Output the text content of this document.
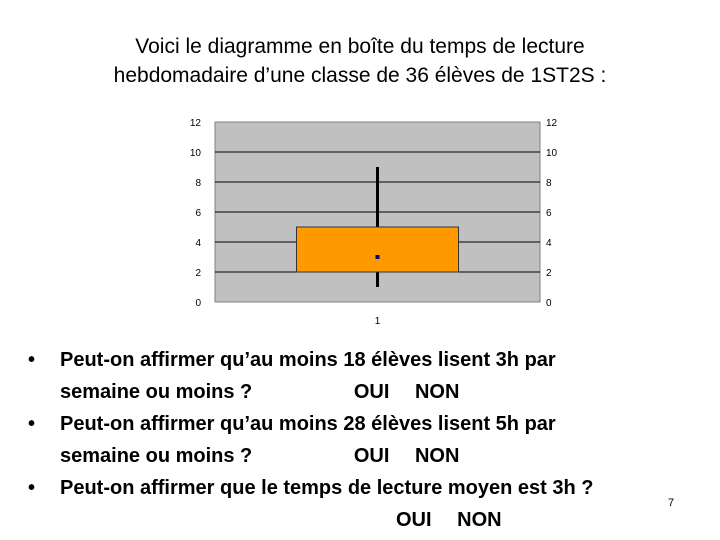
Voici le diagramme en boîte du temps de lecture
hebdomadaire d’une classe de 36 élèves de 1ST2S :
0	0
2	2
4	4
6	6
8	8
10	10
12	12
1
•	Peut-on affirmer qu’au moins 18 élèves lisent 3h par
semaine ou moins ?	OUI NON
•	Peut-on affirmer qu’au moins 28 élèves lisent 5h par
semaine ou moins ?	OUI NON
•	Peut-on affirmer que le temps de lecture moyen est 3h ?
OUI NON
7
